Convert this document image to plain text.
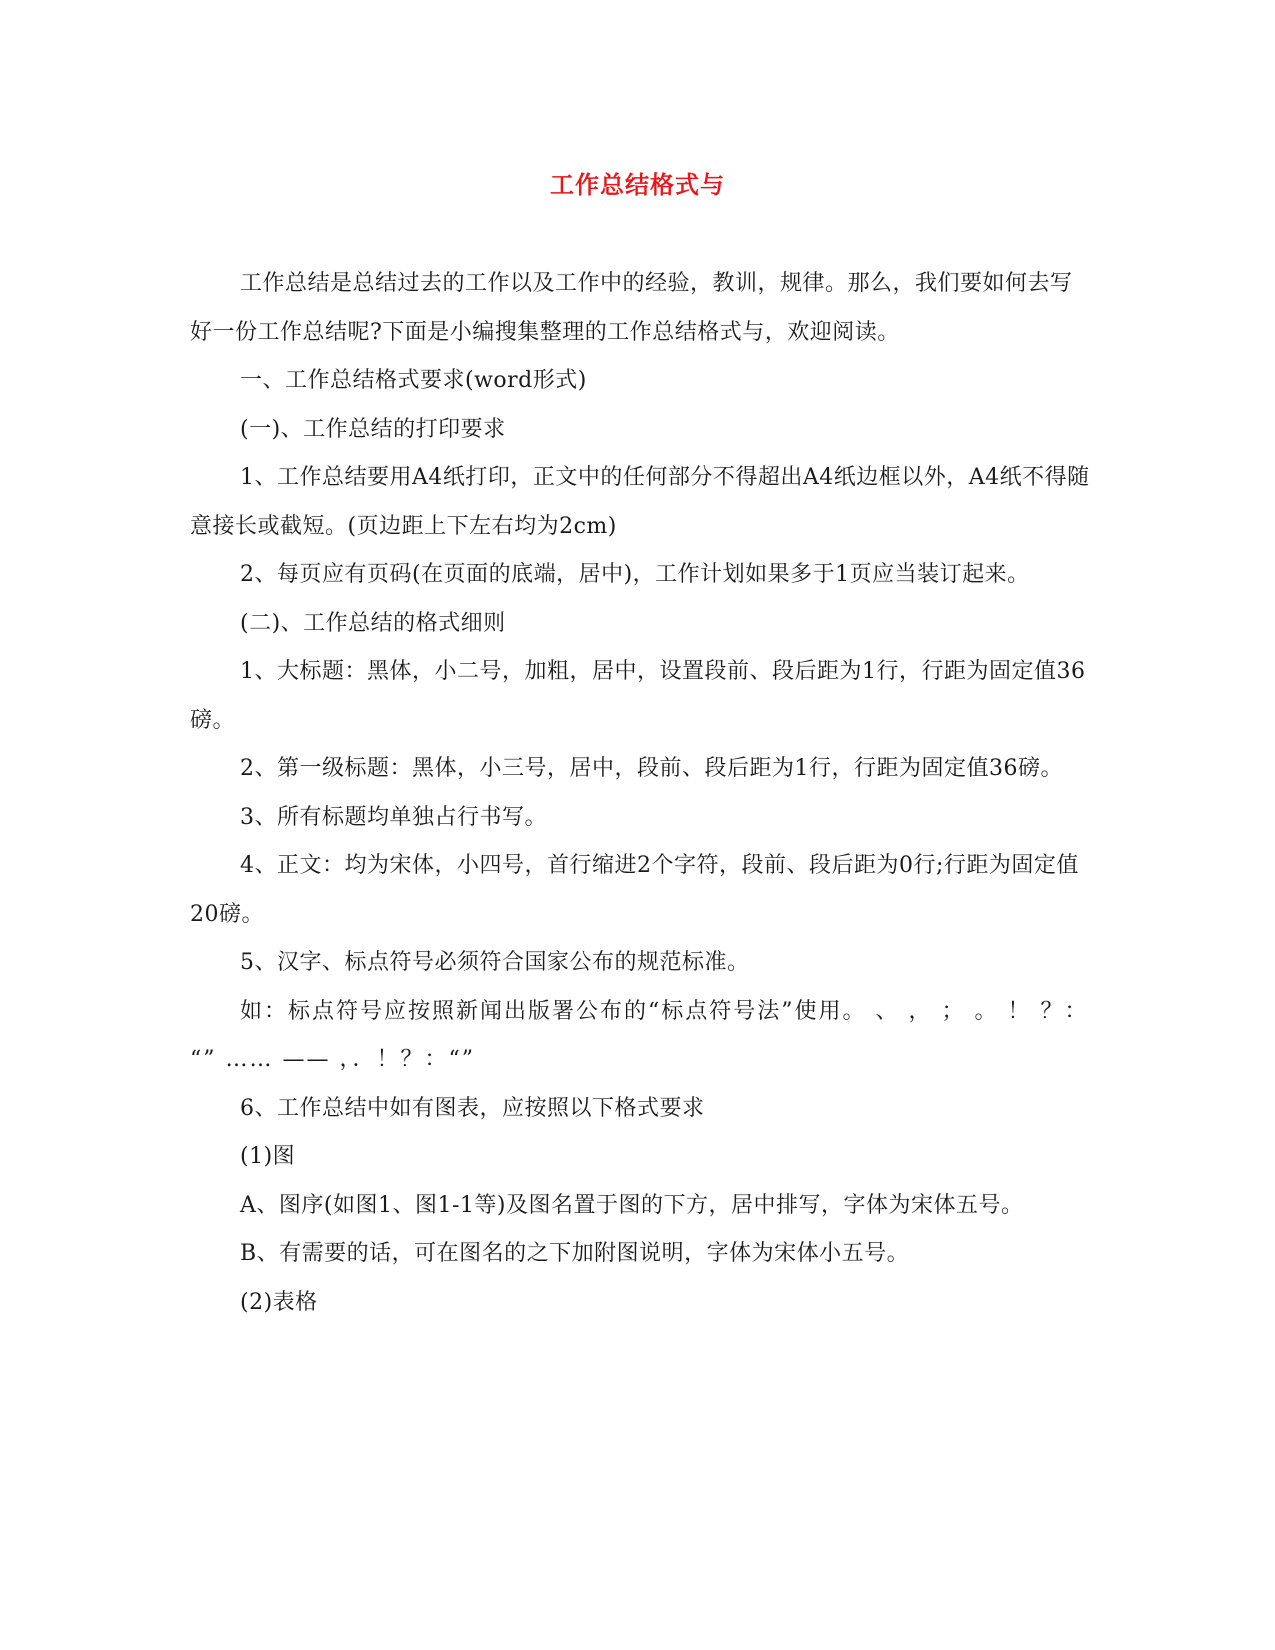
工作总结格式与

工作总结是总结过去的工作以及工作中的经验，教训，规律。那么，我们要如何去写好一份工作总结呢?下面是小编搜集整理的工作总结格式与，欢迎阅读。

一、工作总结格式要求(word形式)

(一)、工作总结的打印要求

1、工作总结要用A4纸打印，正文中的任何部分不得超出A4纸边框以外，A4纸不得随意接长或截短。(页边距上下左右均为2cm)

2、每页应有页码(在页面的底端，居中)，工作计划如果多于1页应当装订起来。

(二)、工作总结的格式细则

1、大标题：黑体，小二号，加粗，居中，设置段前、段后距为1行，行距为固定值36磅。

2、第一级标题：黑体，小三号，居中，段前、段后距为1行，行距为固定值36磅。

3、所有标题均单独占行书写。

4、正文：均为宋体，小四号，首行缩进2个字符，段前、段后距为0行;行距为固定值20磅。

5、汉字、标点符号必须符合国家公布的规范标准。

如：标点符号应按照新闻出版署公布的“标点符号法”使用。 、 ， ； 。 ！ ？： “” …… —— ，．！？：“”

6、工作总结中如有图表，应按照以下格式要求

(1)图

A、图序(如图1、图1-1等)及图名置于图的下方，居中排写，字体为宋体五号。

B、有需要的话，可在图名的之下加附图说明，字体为宋体小五号。

(2)表格
